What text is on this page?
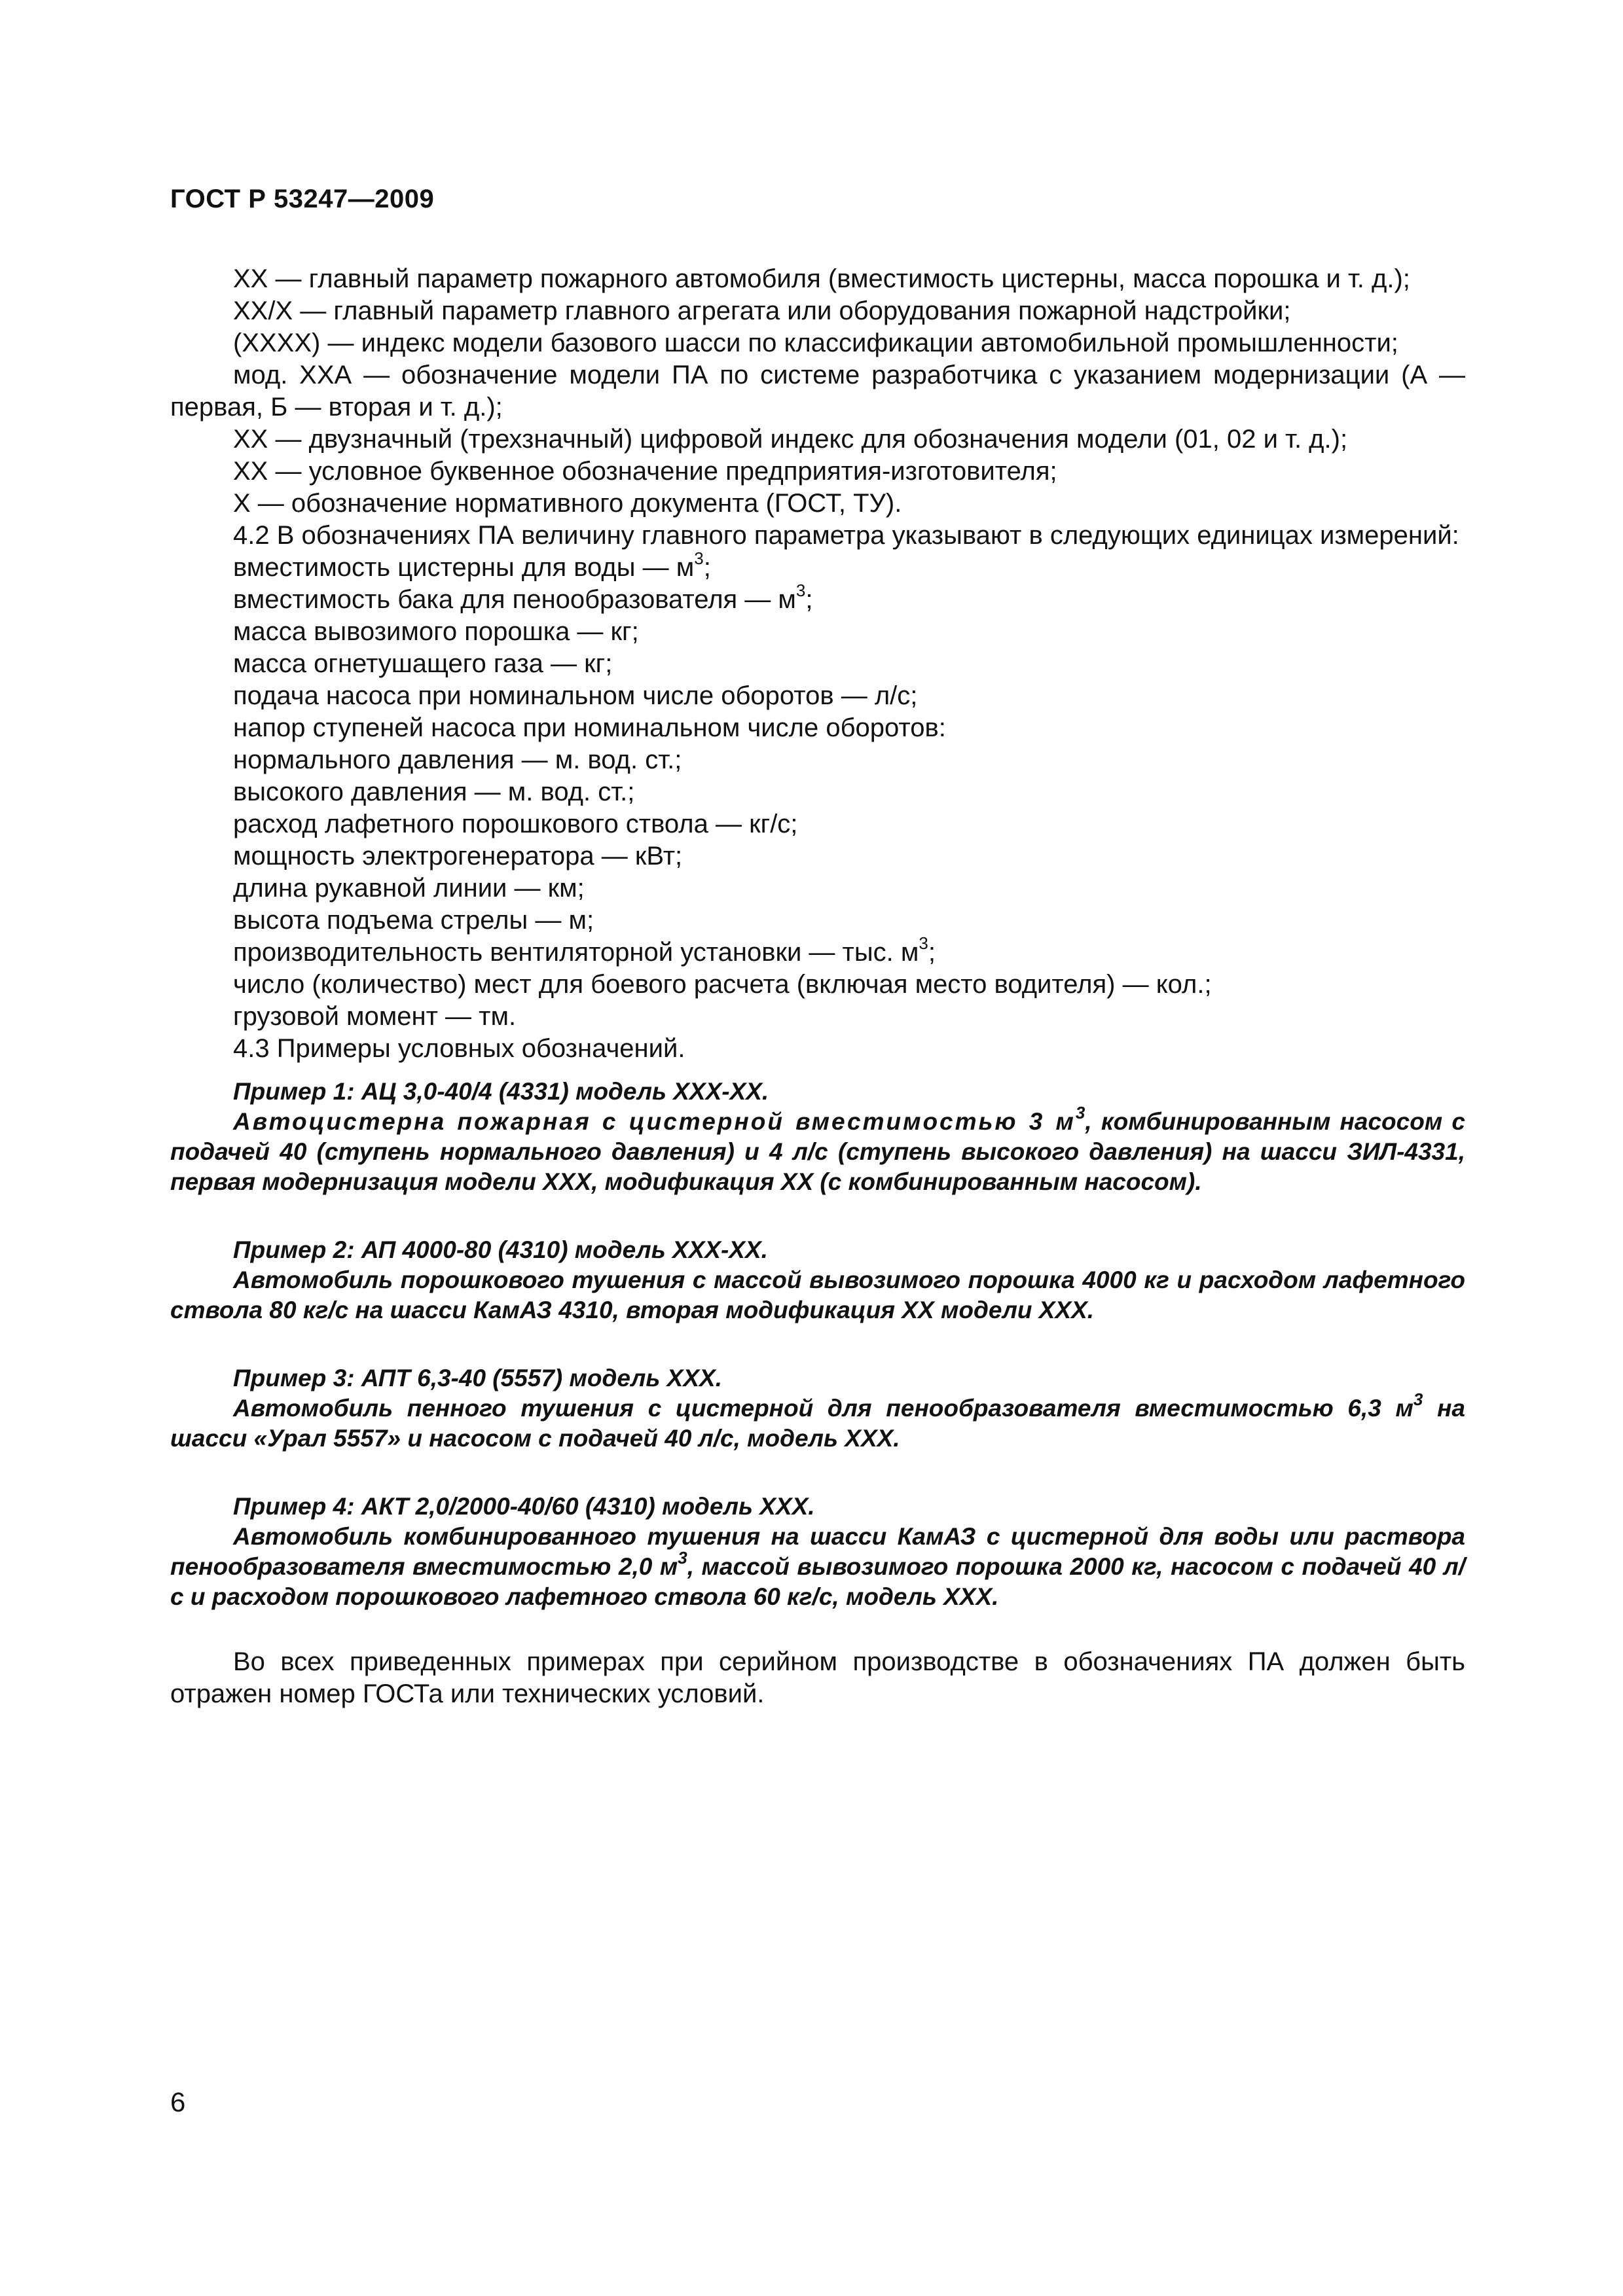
ГОСТ Р 53247—2009

ХХ — главный параметр пожарного автомобиля (вместимость цистерны, масса порошка и т. д.);

ХХ/Х — главный параметр главного агрегата или оборудования пожарной надстройки;

(ХХХХ) — индекс модели базового шасси по классификации автомобильной промышленности;

мод. ХХА — обозначение модели ПА по системе разработчика с указанием модернизации (А — первая, Б — вторая и т. д.);

ХХ — двузначный (трехзначный) цифровой индекс для обозначения модели (01, 02 и т. д.);

ХХ — условное буквенное обозначение предприятия-изготовителя;

Х — обозначение нормативного документа (ГОСТ, ТУ).

4.2 В обозначениях ПА величину главного параметра указывают в следующих единицах измерений:

вместимость цистерны для воды — $м^3$;

вместимость бака для пенообразователя — $м^3$;

масса вывозимого порошка — кг;

масса огнетушащего газа — кг;

подача насоса при номинальном числе оборотов — л/с;

напор ступеней насоса при номинальном числе оборотов:

нормального давления — м. вод. ст.;

высокого давления — м. вод. ст.;

расход лафетного порошкового ствола — кг/с;

мощность электрогенератора — кВт;

длина рукавной линии — км;

высота подъема стрелы — м;

производительность вентиляторной установки — тыс. $м^3$;

число (количество) мест для боевого расчета (включая место водителя) — кол.;

грузовой момент — тм.

4.3 Примеры условных обозначений.

Пример 1: АЦ 3,0-40/4 (4331) модель ХХХ-ХХ.

Автоцистерна пожарная с цистерной вместимостью 3 $м^3$, комбинированным насосом с подачей 40 (ступень нормального давления) и 4 л/с (ступень высокого давления) на шасси ЗИЛ-4331, первая модернизация модели ХХХ, модификация ХХ (с комбинированным насосом).

Пример 2: АП 4000-80 (4310) модель ХХХ-ХХ.

Автомобиль порошкового тушения с массой вывозимого порошка 4000 кг и расходом лафетного ствола 80 кг/с на шасси КамАЗ 4310, вторая модификация ХХ модели ХХХ.

Пример 3: АПТ 6,3-40 (5557) модель ХХХ.

Автомобиль пенного тушения с цистерной для пенообразователя вместимостью 6,3 $м^3$ на шасси «Урал 5557» и насосом с подачей 40 л/с, модель ХХХ.

Пример 4: АКТ 2,0/2000-40/60 (4310) модель ХХХ.

Автомобиль комбинированного тушения на шасси КамАЗ с цистерной для воды или раствора пенообразователя вместимостью 2,0 $м^3$, массой вывозимого порошка 2000 кг, насосом с подачей 40 л/с и расходом порошкового лафетного ствола 60 кг/с, модель ХХХ.

Во всех приведенных примерах при серийном производстве в обозначениях ПА должен быть отражен номер ГОСТа или технических условий.

6
